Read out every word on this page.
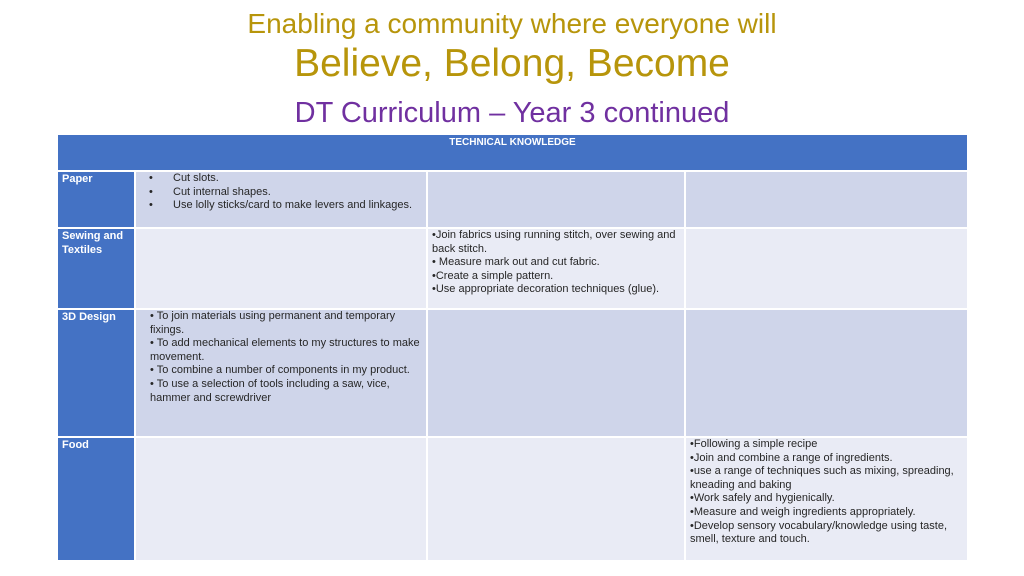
Enabling a community where everyone will
Believe, Belong, Become
DT Curriculum – Year 3 continued
TECHNICAL KNOWLEDGE
Paper
•	Cut slots.
• Cut internal shapes.
• Use lolly sticks/card to make levers and linkages.
Sewing and Textiles

•Join fabrics using running stitch, over sewing and back stitch.

• Measure mark out and cut fabric.

•Create a simple pattern.

•Use appropriate decoration techniques (glue).

3D Design	• To join materials using permanent and temporary fixings.

• To add mechanical elements to my structures to make movement.

• To combine a number of components in my product.

• To use a selection of tools including a saw, vice, hammer and screwdriver

Food	•Following a simple recipe

•Join and combine a range of ingredients.

•use a range of techniques such as mixing, spreading, kneading and baking

•Work safely and hygienically.

•Measure and weigh ingredients appropriately.

•Develop sensory vocabulary/knowledge using taste, smell, texture and touch.
